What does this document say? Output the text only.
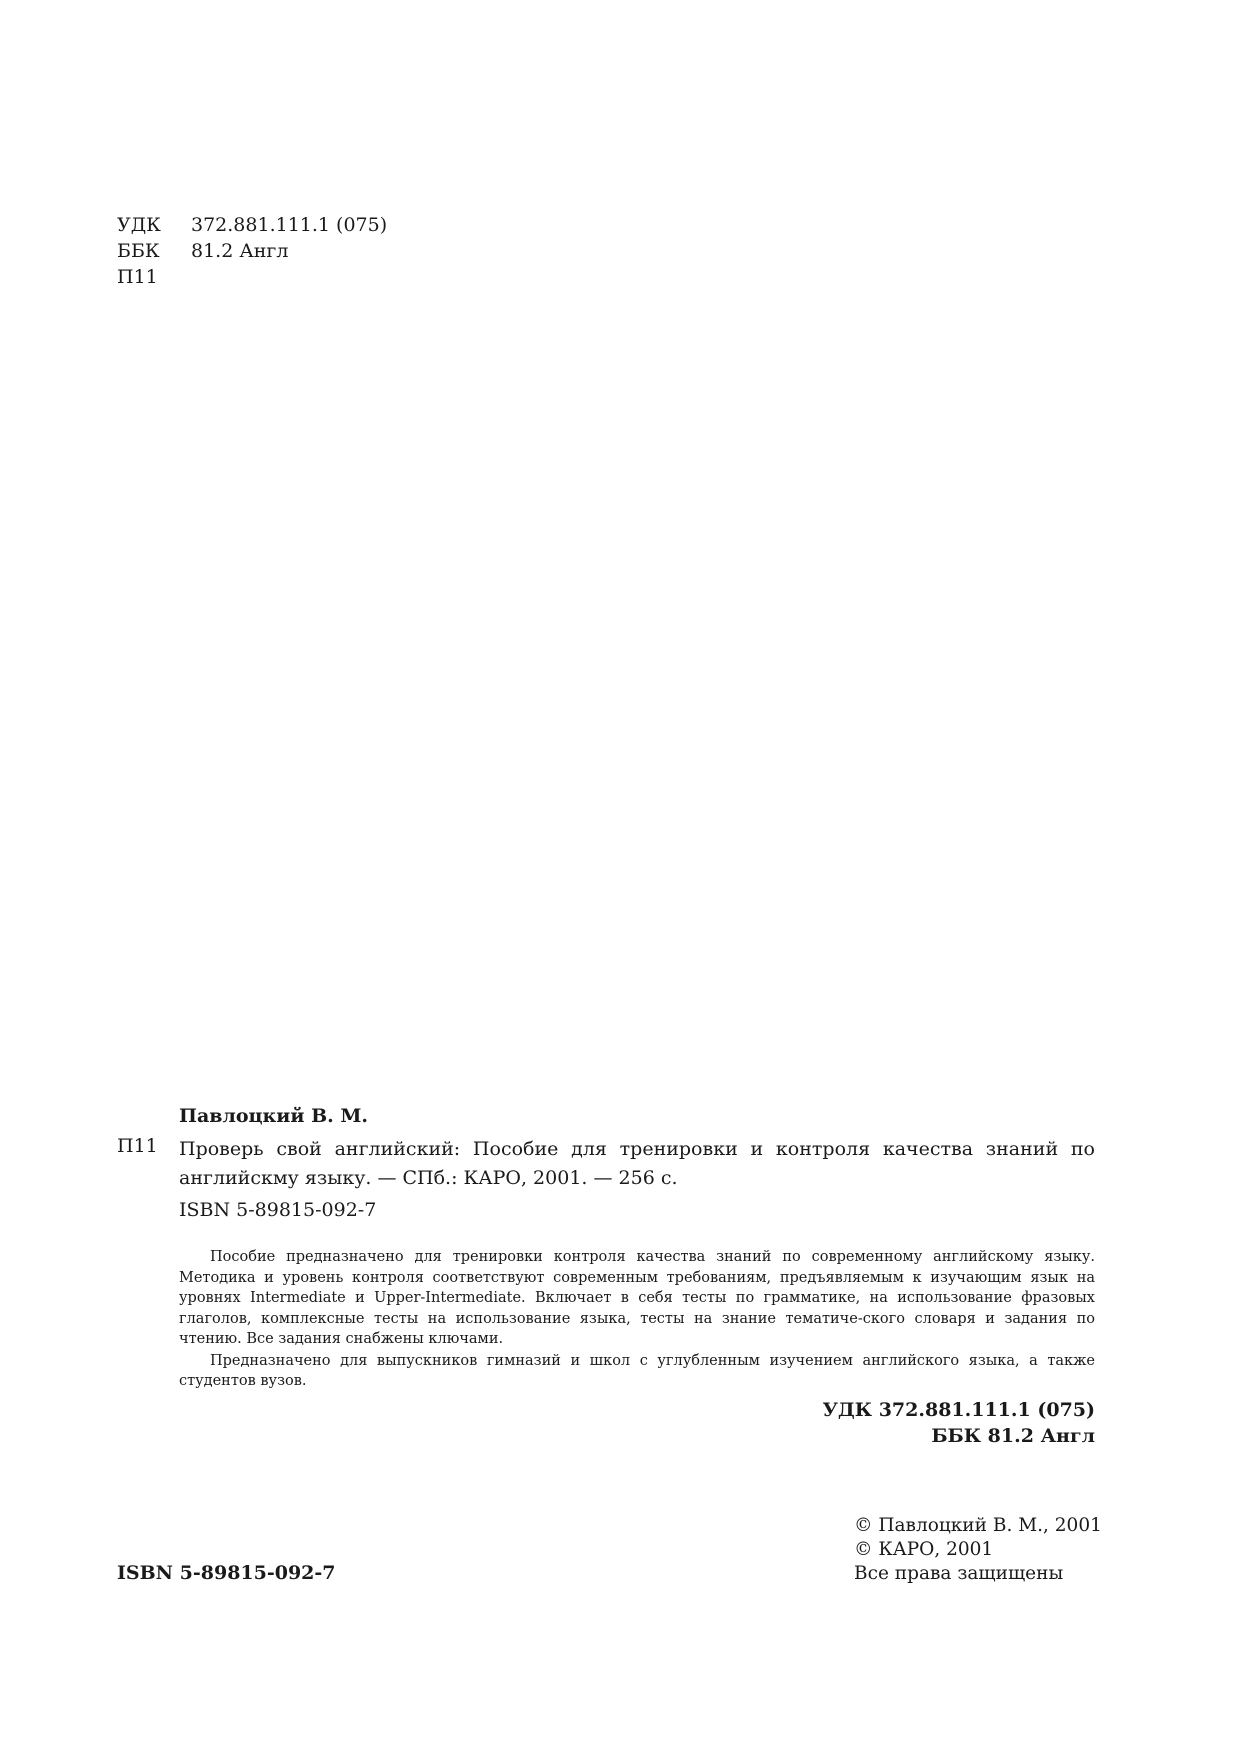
УДК	372.881.111.1 (075)
ББК	81.2 Англ
П11
Павлоцкий В. М.
П11 Проверь свой английский: Пособие для тренировки и контроля качества знаний по английскму языку. — СПб.: КАРО, 2001. — 256 с.
ISBN 5-89815-092-7

Пособие предназначено для тренировки контроля качества знаний по современному английскому языку. Методика и уровень контроля соответствуют современным требованиям, предъявляемым к изучающим язык на уровнях Intermediate и Upper-Intermediate. Включает в себя тесты по грамматике, на использование фразовых глаголов, комплексные тесты на использование языка, тесты на знание тематиче-ского словаря и задания по чтению. Все задания снабжены ключами.

Предназначено для выпускников гимназий и школ с углубленным изучением английского языка, а также студентов вузов.

УДК 372.881.111.1 (075)
ББК 81.2 Англ
ISBN 5-89815-092-7
© Павлоцкий В. М., 2001
© КАРО, 2001
Все права защищены
